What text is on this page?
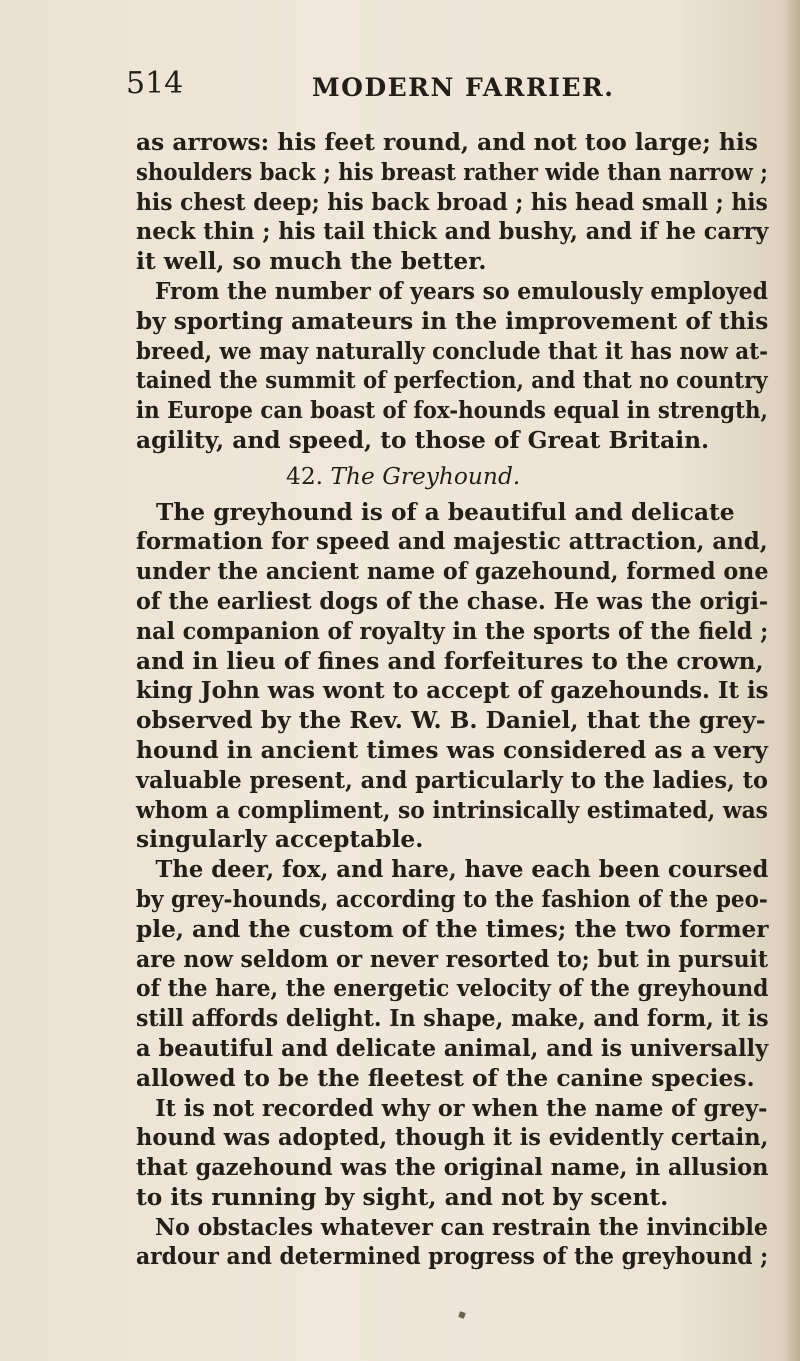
514	MODERN FARRIER.
as arrows: his feet round, and not too large; his
shoulders back ; his breast rather wide than narrow ;
his chest deep; his back broad ; his head small ; his
neck thin ; his tail thick and bushy, and if he carry
it well, so much the better.
From the number of years so emulously employed
by sporting amateurs in the improvement of this
breed, we may naturally conclude that it has now at-
tained the summit of perfection, and that no country
in Europe can boast of fox-hounds equal in strength,
agility, and speed, to those of Great Britain.
42. The Greyhound.
The greyhound is of a beautiful and delicate
formation for speed and majestic attraction, and,
under the ancient name of gazehound, formed one
of the earliest dogs of the chase. He was the origi-
nal companion of royalty in the sports of the field ;
and in lieu of fines and forfeitures to the crown,
king John was wont to accept of gazehounds. It is
observed by the Rev. W. B. Daniel, that the grey-
hound in ancient times was considered as a very
valuable present, and particularly to the ladies, to
whom a compliment, so intrinsically estimated, was
singularly acceptable.
The deer, fox, and hare, have each been coursed
by grey-hounds, according to the fashion of the peo-
ple, and the custom of the times; the two former
are now seldom or never resorted to; but in pursuit
of the hare, the energetic velocity of the greyhound
still affords delight. In shape, make, and form, it is
a beautiful and delicate animal, and is universally
allowed to be the fleetest of the canine species.
It is not recorded why or when the name of grey-
hound was adopted, though it is evidently certain,
that gazehound was the original name, in allusion
to its running by sight, and not by scent.
No obstacles whatever can restrain the invincible
ardour and determined progress of the greyhound ;
